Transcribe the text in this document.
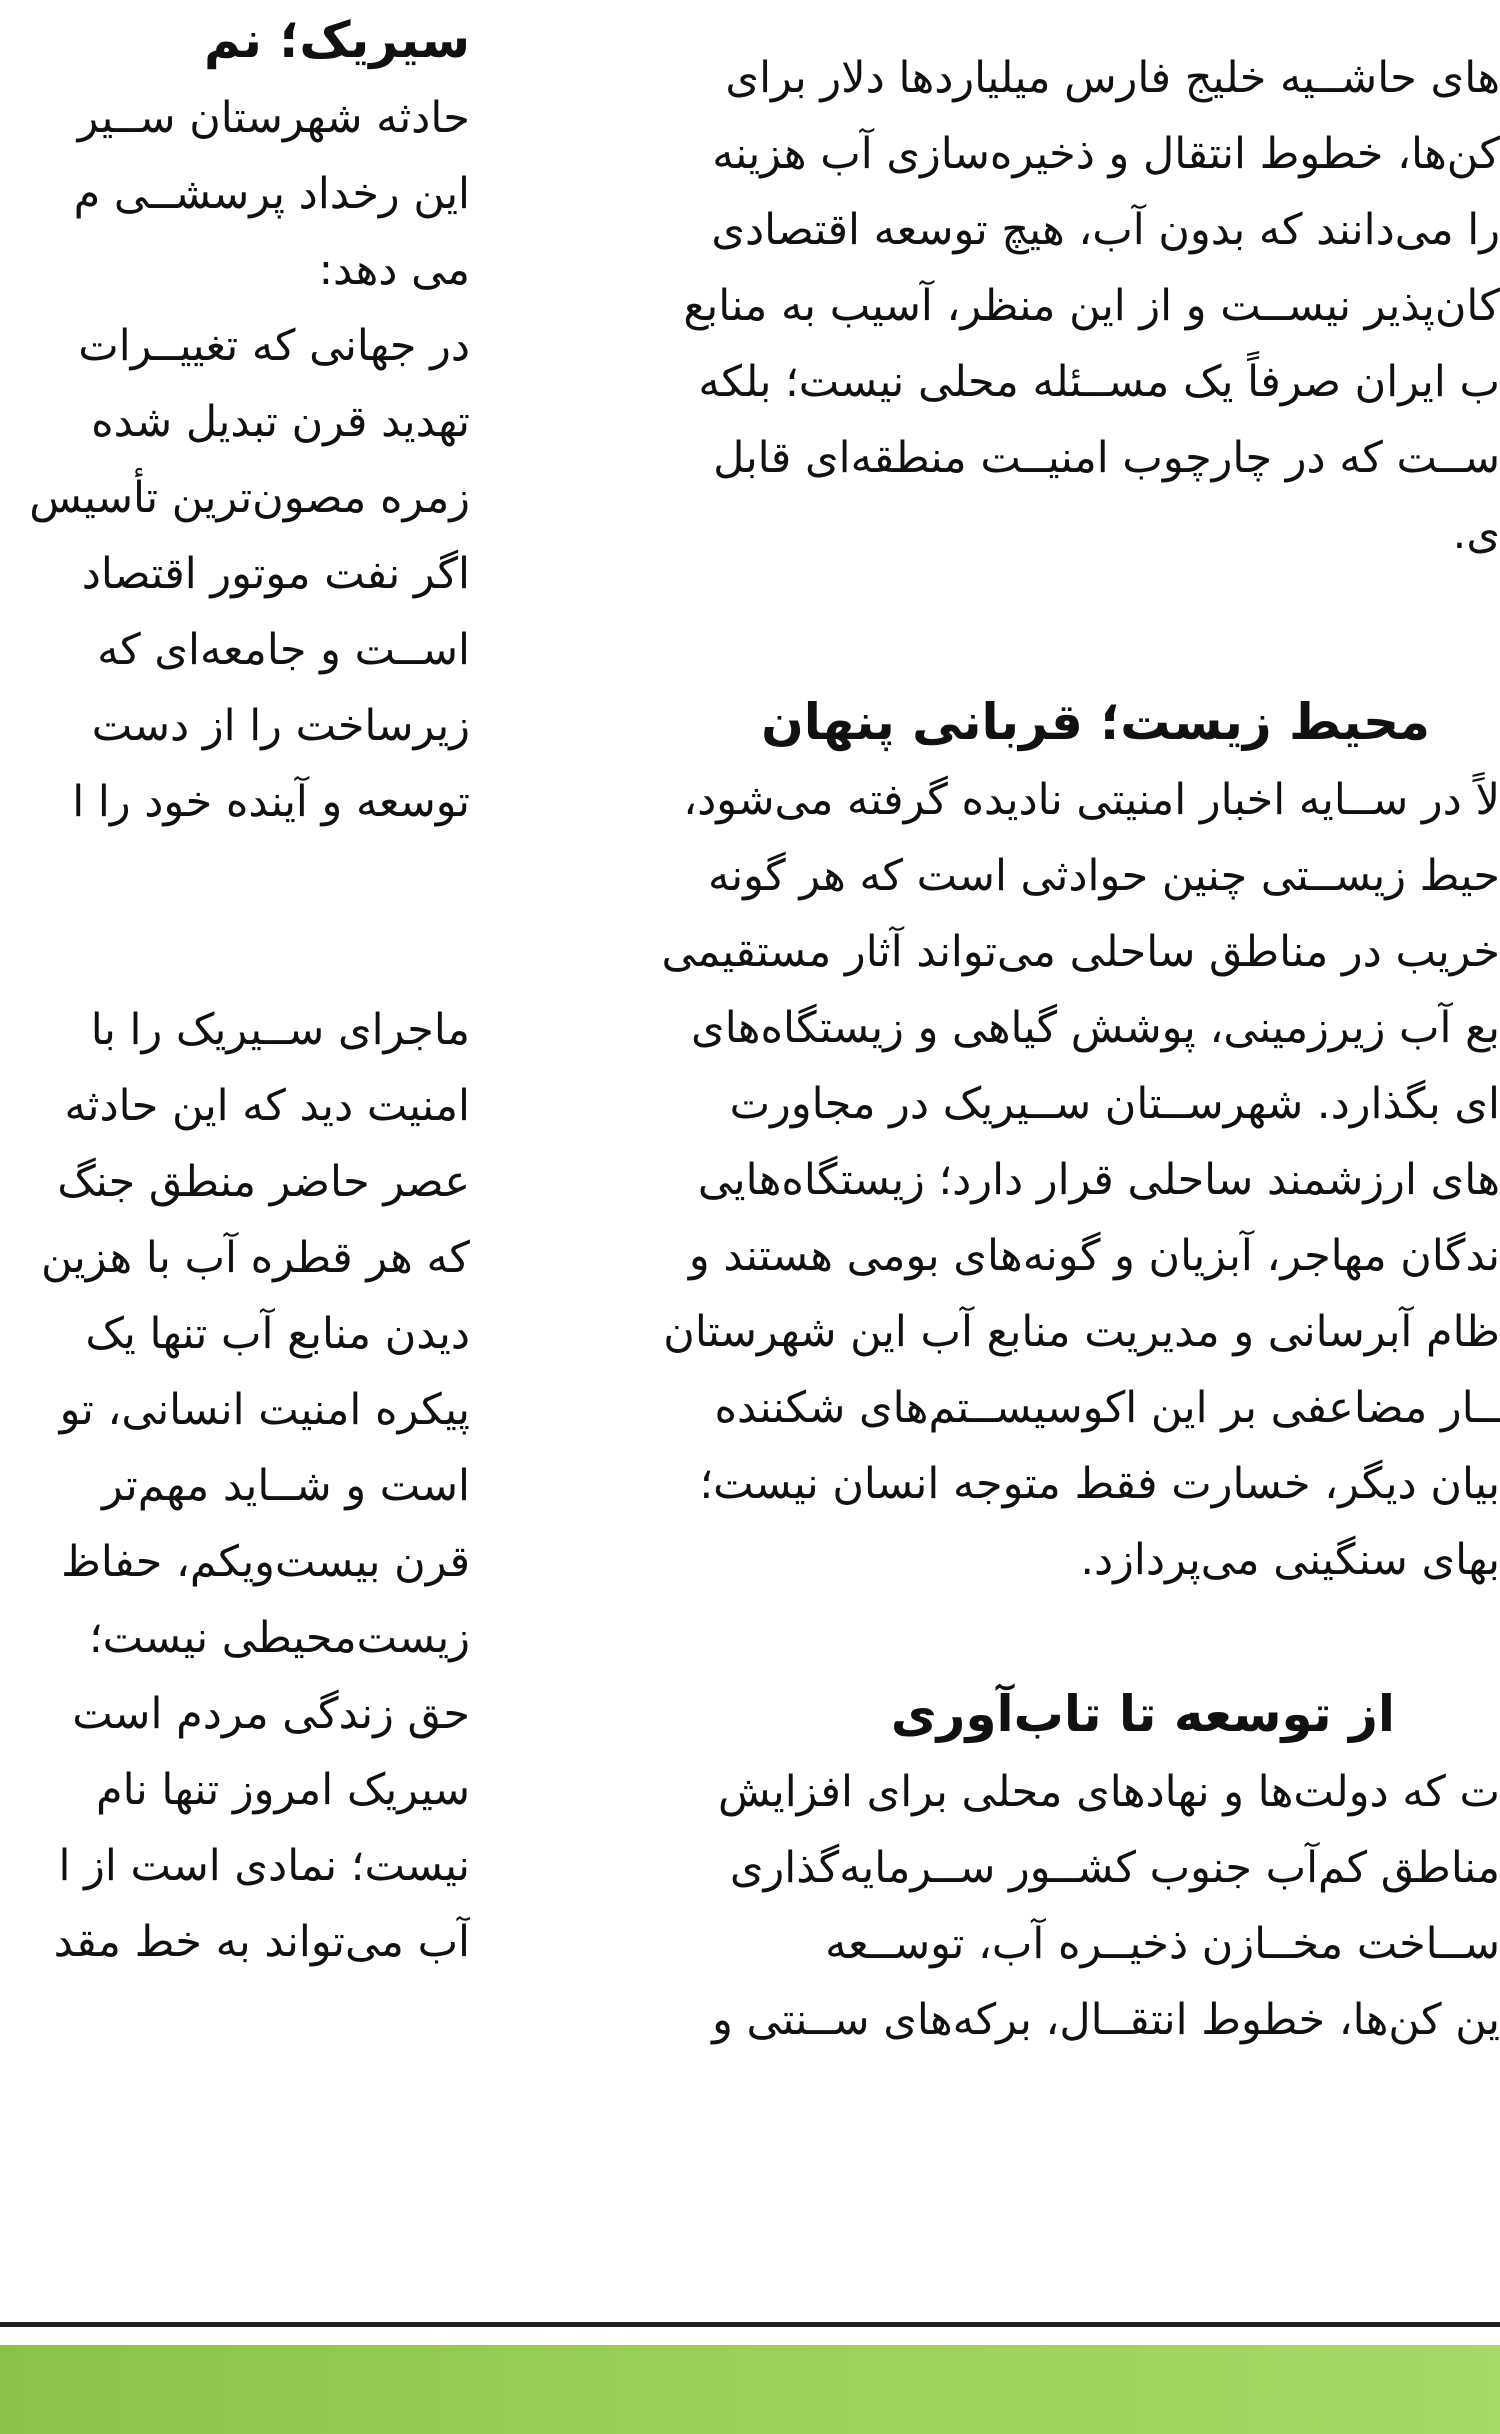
سیریک؛ نم
حادثه شهرستان ســیر
این رخداد پرسشــی م
می دهد:
در جهانی که تغییــرات
تهدید قرن تبدیل شده
زمره مصون‌ترین تأسیس
اگر نفت موتور اقتصاد
اســت و جامعه‌ای که
زیرساخت را از دست
توسعه و آینده خود را ا
ماجرای ســیریک را با
امنیت دید که این حادثه
عصر حاضر منطق جنگ
که هر قطره آب با هزین
دیدن منابع آب تنها یک
پیکره امنیت انسانی، تو
است و شــاید مهم‌تر
قرن بیست‌ویکم، حفاظ
زیست‌محیطی نیست؛
حق زندگی مردم است
سیریک امروز تنها نام
نیست؛ نمادی است از ا
آب می‌تواند به خط مقد
های حاشــیه خلیج فارس میلیاردها دلار برای
کن‌ها، خطوط انتقال و ذخیره‌سازی آب هزینه
را می‌دانند که بدون آب، هیچ توسعه اقتصادی
کان‌پذیر نیســت و از این منظر، آسیب به منابع
ب ایران صرفاً یک مســئله محلی نیست؛ بلکه
ســت که در چارچوب امنیــت منطقه‌ای قابل
ی.
محیط زیست؛ قربانی پنهان
لاً در ســایه اخبار امنیتی نادیده گرفته می‌شود،
حیط زیســتی چنین حوادثی است که هر گونه
خریب در مناطق ساحلی می‌تواند آثار مستقیمی
بع آب زیرزمینی، پوشش گیاهی و زیستگاه‌های
ای بگذارد. شهرســتان ســیریک در مجاورت
های ارزشمند ساحلی قرار دارد؛ زیستگاه‌هایی
ندگان مهاجر، آبزیان و گونه‌های بومی هستند و
ظام آبرسانی و مدیریت منابع آب این شهرستان
ــار مضاعفی بر این اکوسیســتم‌های شکننده
بیان دیگر، خسارت فقط متوجه انسان نیست؛
بهای سنگینی می‌پردازد.
از توسعه تا تاب‌آوری
ت که دولت‌ها و نهادهای محلی برای افزایش
مناطق کم‌آب جنوب کشــور ســرمایه‌گذاری
ســاخت مخــازن ذخیــره آب، توســعه
ین کن‌ها، خطوط انتقــال، برکه‌های ســنتی و
